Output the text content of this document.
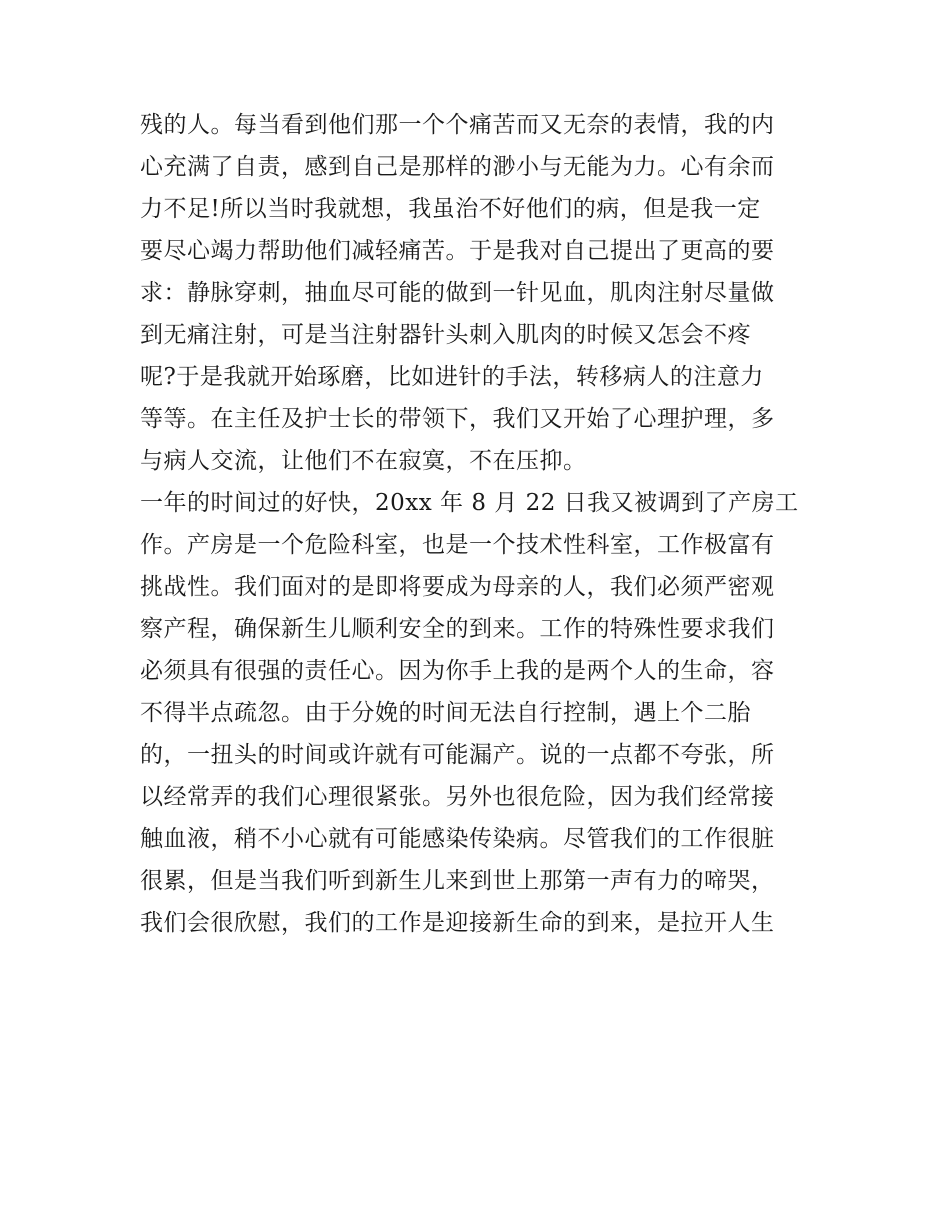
残的人。每当看到他们那一个个痛苦而又无奈的表情，我的内
心充满了自责，感到自己是那样的渺小与无能为力。心有余而
力不足!所以当时我就想，我虽治不好他们的病，但是我一定
要尽心竭力帮助他们减轻痛苦。于是我对自己提出了更高的要
求：静脉穿刺，抽血尽可能的做到一针见血，肌肉注射尽量做
到无痛注射，可是当注射器针头刺入肌肉的时候又怎会不疼
呢?于是我就开始琢磨，比如进针的手法，转移病人的注意力
等等。在主任及护士长的带领下，我们又开始了心理护理，多
与病人交流，让他们不在寂寞，不在压抑。
一年的时间过的好快，20xx 年 8 月 22 日我又被调到了产房工
作。产房是一个危险科室，也是一个技术性科室，工作极富有
挑战性。我们面对的是即将要成为母亲的人，我们必须严密观
察产程，确保新生儿顺利安全的到来。工作的特殊性要求我们
必须具有很强的责任心。因为你手上我的是两个人的生命，容
不得半点疏忽。由于分娩的时间无法自行控制，遇上个二胎
的，一扭头的时间或许就有可能漏产。说的一点都不夸张，所
以经常弄的我们心理很紧张。另外也很危险，因为我们经常接
触血液，稍不小心就有可能感染传染病。尽管我们的工作很脏
很累，但是当我们听到新生儿来到世上那第一声有力的啼哭，
我们会很欣慰，我们的工作是迎接新生命的到来，是拉开人生
